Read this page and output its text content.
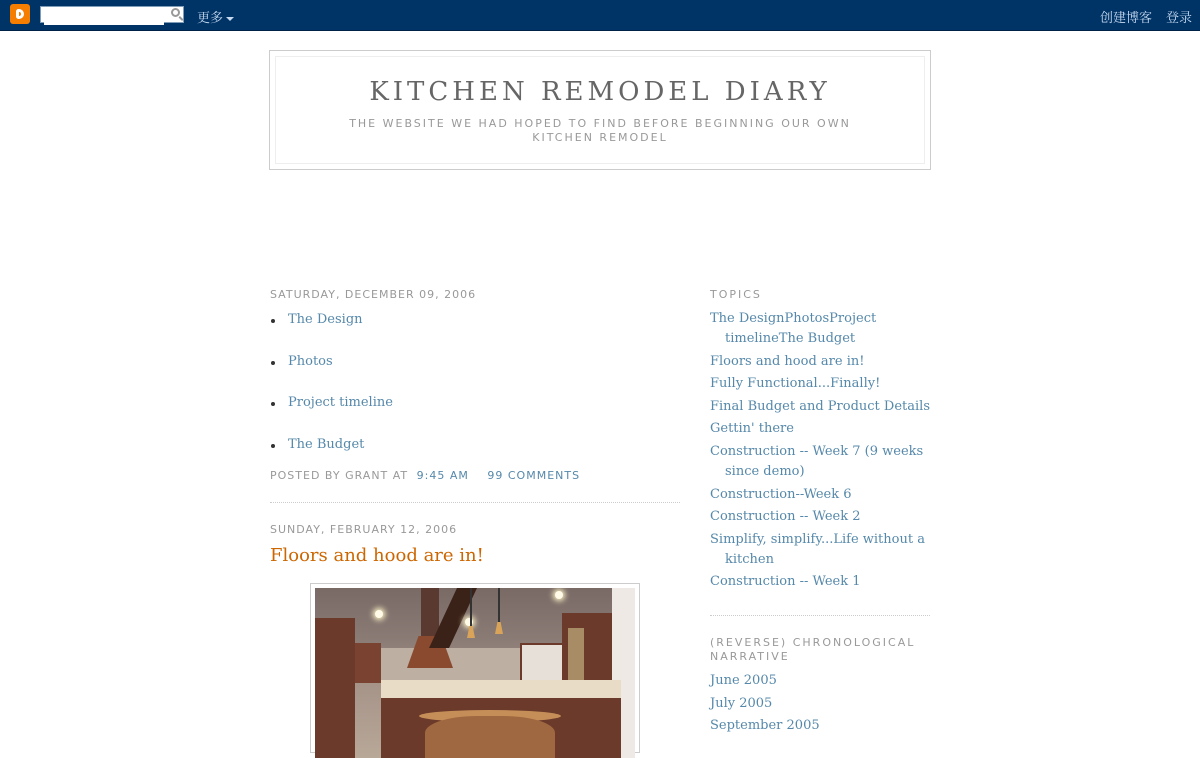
更多	创建博客 登录
KITCHEN REMODEL DIARY
THE WEBSITE WE HAD HOPED TO FIND BEFORE BEGINNING OUR OWN KITCHEN REMODEL
SATURDAY, DECEMBER 09, 2006
The Design
Photos
Project timeline
The Budget
POSTED BY GRANT AT 9:45 AM 99 COMMENTS
SUNDAY, FEBRUARY 12, 2006
Floors and hood are in!
TOPICS
The DesignPhotosProject timelineThe Budget
Floors and hood are in!
Fully Functional...Finally!
Final Budget and Product Details
Gettin' there
Construction -- Week 7 (9 weeks since demo)
Construction--Week 6
Construction -- Week 2
Simplify, simplify...Life without a kitchen
Construction -- Week 1
(REVERSE) CHRONOLOGICAL NARRATIVE
June 2005
July 2005
September 2005
